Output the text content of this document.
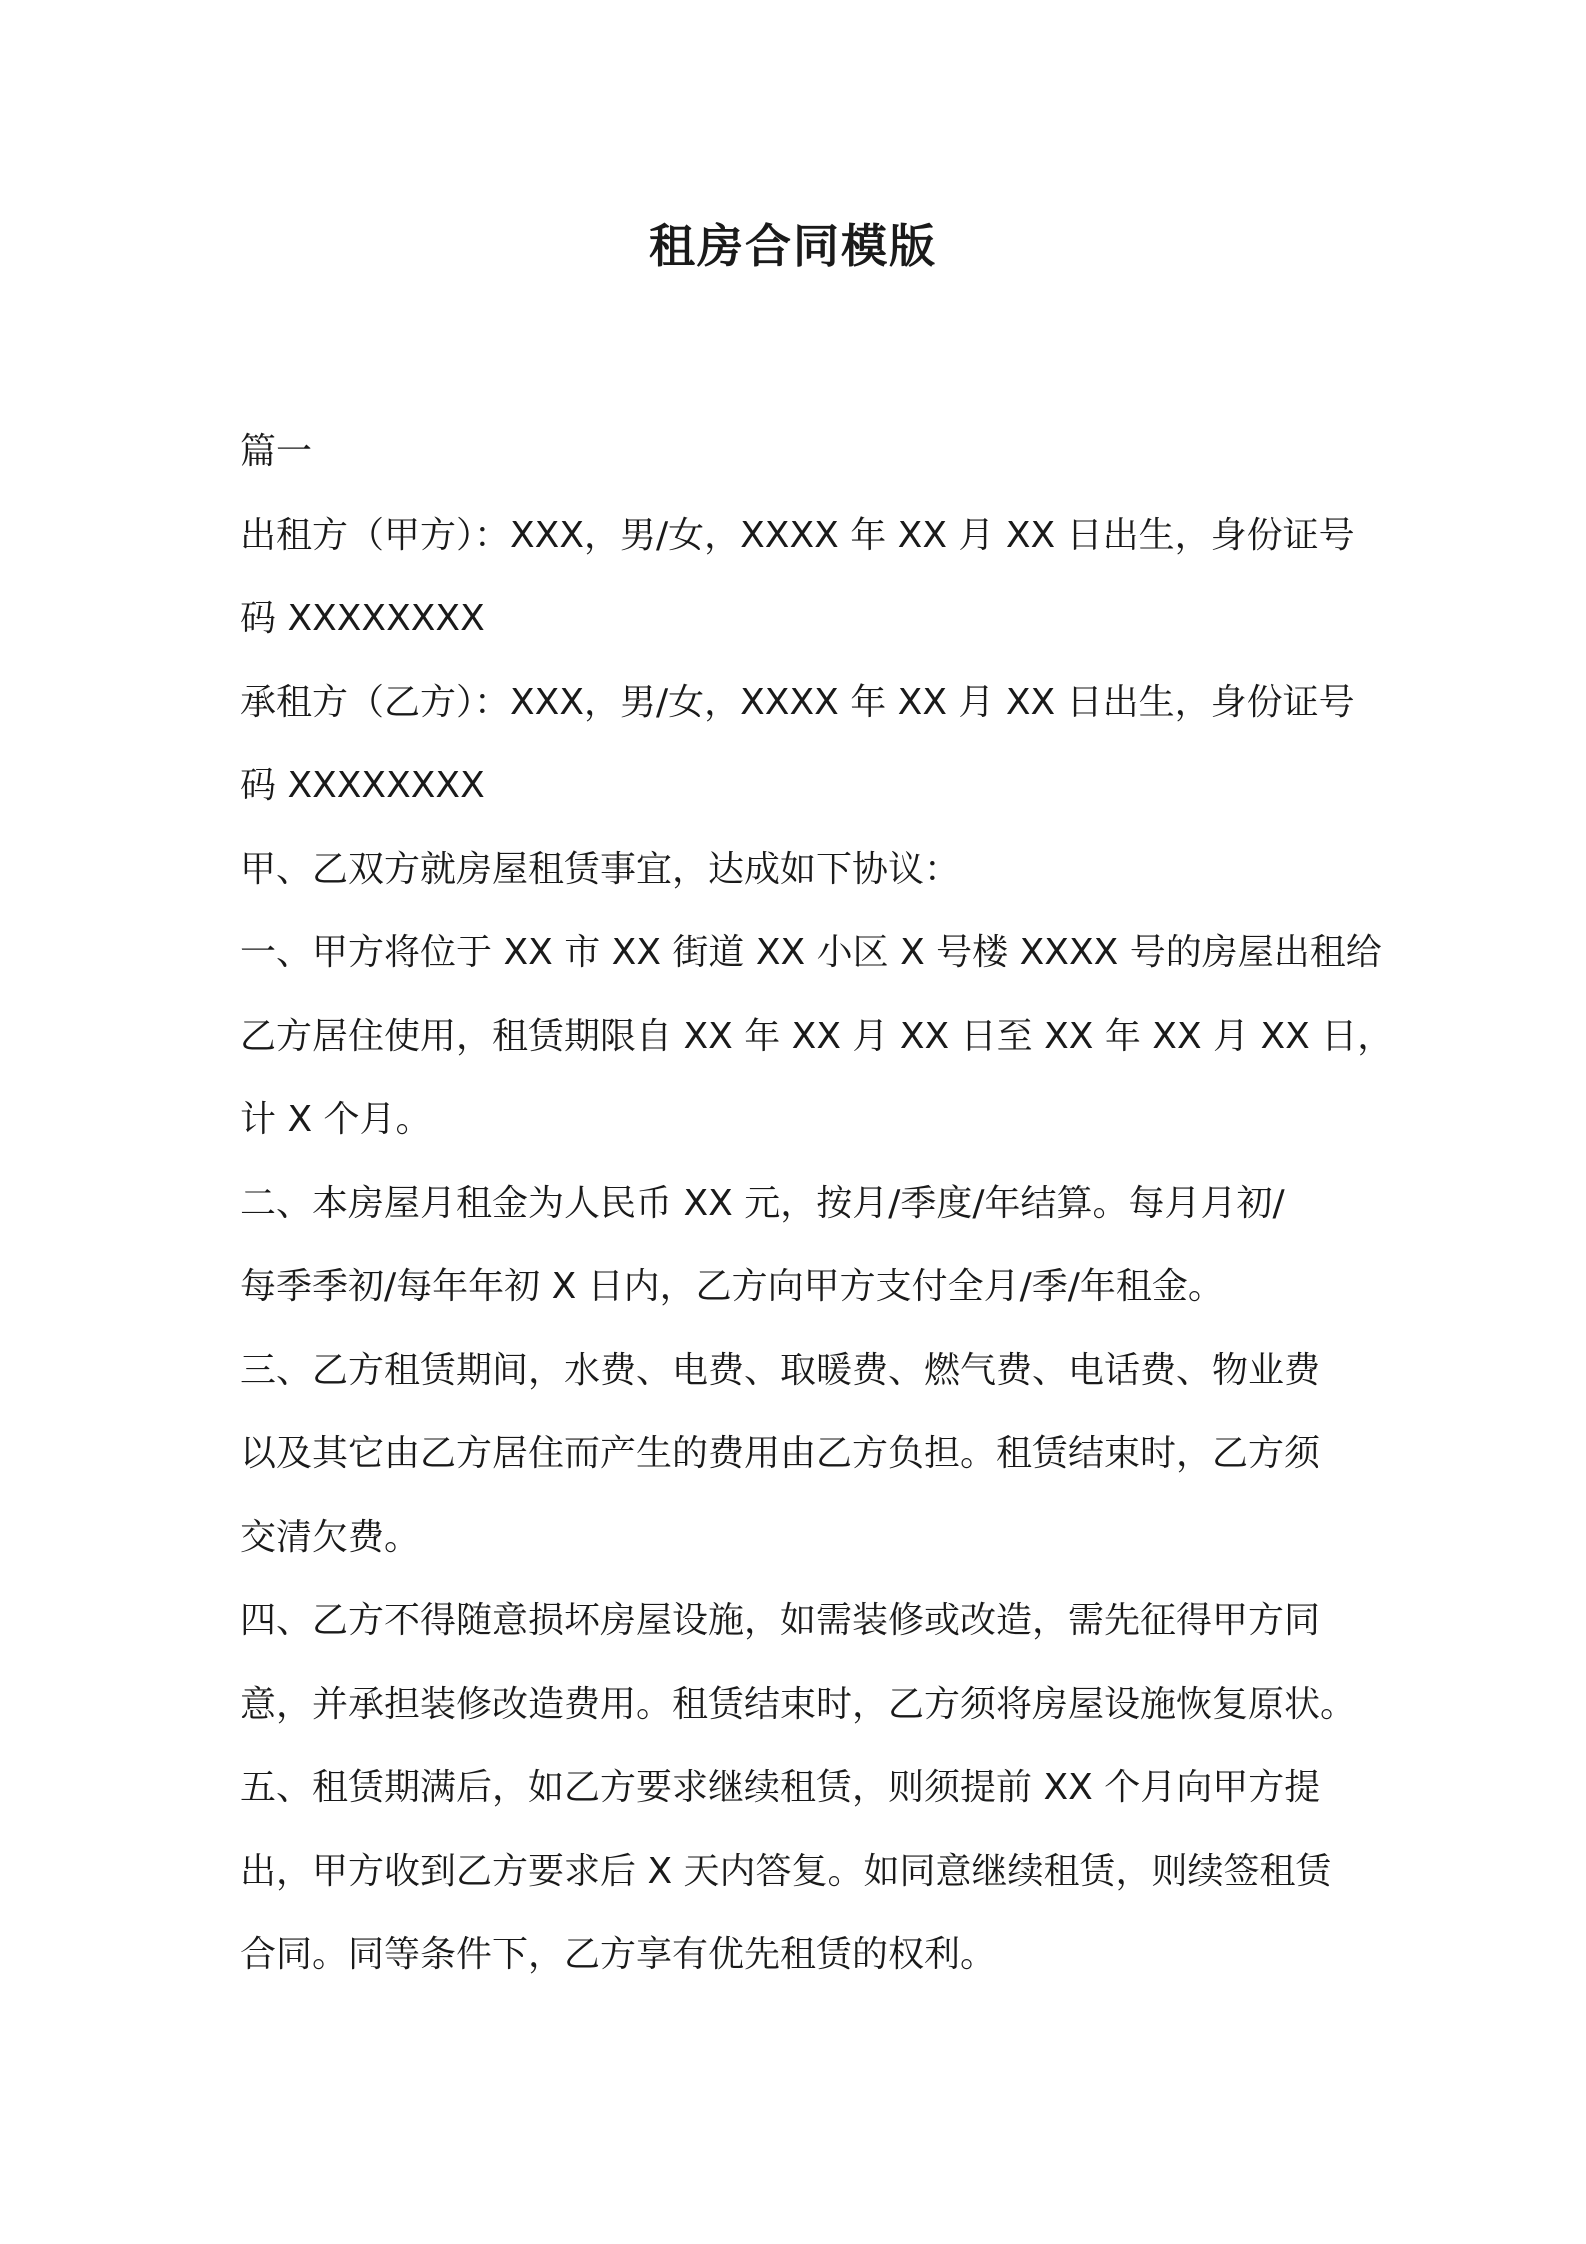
租房合同模版
篇一
出租方（甲方）：XXX，男/女，XXXX 年 XX 月 XX 日出生，身份证号
码 XXXXXXXX
承租方（乙方）：XXX，男/女，XXXX 年 XX 月 XX 日出生，身份证号
码 XXXXXXXX
甲、乙双方就房屋租赁事宜，达成如下协议：
一、甲方将位于 XX 市 XX 街道 XX 小区 X 号楼 XXXX 号的房屋出租给
乙方居住使用，租赁期限自 XX 年 XX 月 XX 日至 XX 年 XX 月 XX 日，
计 X 个月。
二、本房屋月租金为人民币 XX 元，按月/季度/年结算。每月月初/
每季季初/每年年初 X 日内，乙方向甲方支付全月/季/年租金。
三、乙方租赁期间，水费、电费、取暖费、燃气费、电话费、物业费
以及其它由乙方居住而产生的费用由乙方负担。租赁结束时，乙方须
交清欠费。
四、乙方不得随意损坏房屋设施，如需装修或改造，需先征得甲方同
意，并承担装修改造费用。租赁结束时，乙方须将房屋设施恢复原状。
五、租赁期满后，如乙方要求继续租赁，则须提前 XX 个月向甲方提
出，甲方收到乙方要求后 X 天内答复。如同意继续租赁，则续签租赁
合同。同等条件下，乙方享有优先租赁的权利。
